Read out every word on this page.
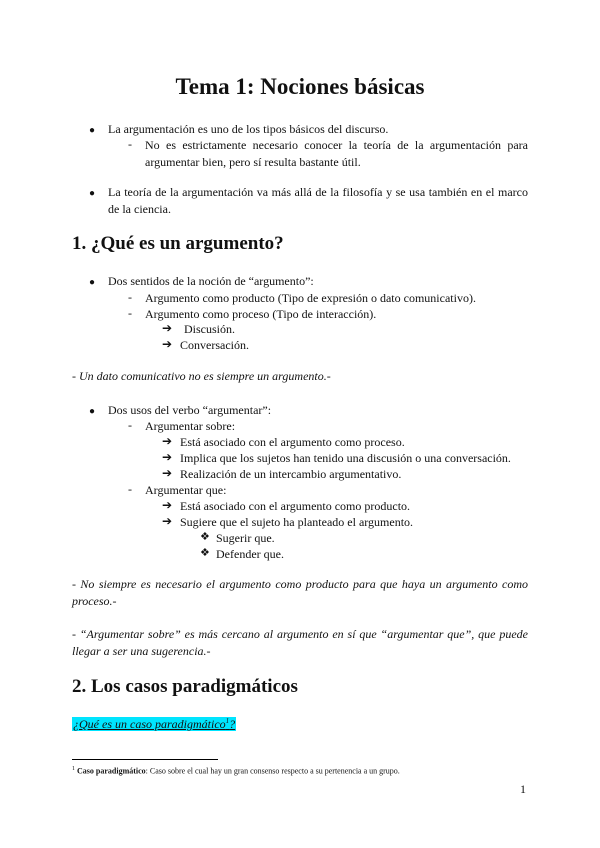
Tema 1: Nociones básicas
● La argumentación es uno de los tipos básicos del discurso.

- No es estrictamente necesario conocer la teoría de la argumentación para argumentar bien, pero sí resulta bastante útil.

● La teoría de la argumentación va más allá de la filosofía y se usa también en el marco de la ciencia.

1. ¿Qué es un argumento?
● Dos sentidos de la noción de “argumento”:

- Argumento como producto (Tipo de expresión o dato comunicativo).

- Argumento como proceso (Tipo de interacción).

➔ Discusión.

➔ Conversación.

- Un dato comunicativo no es siempre un argumento.-

● Dos usos del verbo “argumentar”:

- Argumentar sobre:

➔ Está asociado con el argumento como proceso.

➔ Implica que los sujetos han tenido una discusión o una conversación.

➔ Realización de un intercambio argumentativo.

- Argumentar que:

➔ Está asociado con el argumento como producto.

➔ Sugiere que el sujeto ha planteado el argumento.

❖ Sugerir que.

❖ Defender que.

- No siempre es necesario el argumento como producto para que haya un argumento como proceso.-

- “Argumentar sobre” es más cercano al argumento en sí que “argumentar que”, que puede llegar a ser una sugerencia.-

2. Los casos paradigmáticos

¿Qué es un caso paradigmático$^1$?

$^1$ Caso paradigmático: Caso sobre el cual hay un gran consenso respecto a su pertenencia a un grupo.

1
